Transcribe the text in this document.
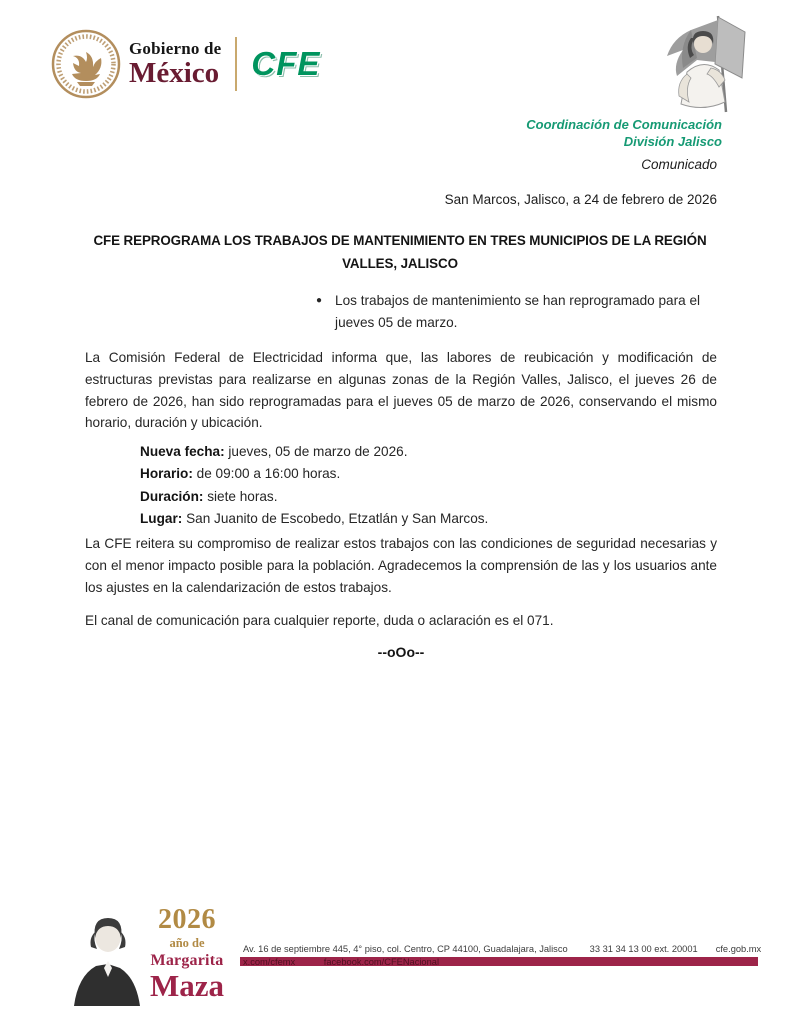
Gobierno de
México CFE
Coordinación de Comunicación
División Jalisco
Comunicado
San Marcos, Jalisco, a 24 de febrero de 2026
CFE REPROGRAMA LOS TRABAJOS DE MANTENIMIENTO EN TRES MUNICIPIOS DE LA REGIÓN VALLES, JALISCO
● Los trabajos de mantenimiento se han reprogramado para el jueves 05 de marzo.

La Comisión Federal de Electricidad informa que, las labores de reubicación y modificación de estructuras previstas para realizarse en algunas zonas de la Región Valles, Jalisco, el jueves 26 de febrero de 2026, han sido reprogramadas para el jueves 05 de marzo de 2026, conservando el mismo horario, duración y ubicación.

Nueva fecha: jueves, 05 de marzo de 2026.
Horario: de 09:00 a 16:00 horas.
Duración: siete horas.
Lugar: San Juanito de Escobedo, Etzatlán y San Marcos.

La CFE reitera su compromiso de realizar estos trabajos con las condiciones de seguridad necesarias y con el menor impacto posible para la población. Agradecemos la comprensión de las y los usuarios ante los ajustes en la calendarización de estos trabajos.

El canal de comunicación para cualquier reporte, duda o aclaración es el 071.

--oOo--
2026
año de
Margarita
Maza
Av. 16 de septiembre 445, 4° piso, col. Centro, CP 44100, Guadalajara, Jalisco 33 31 34 13 00 ext. 20001 cfe.gob.mx
x.com/cfemx	facebook.com/CFENacional
